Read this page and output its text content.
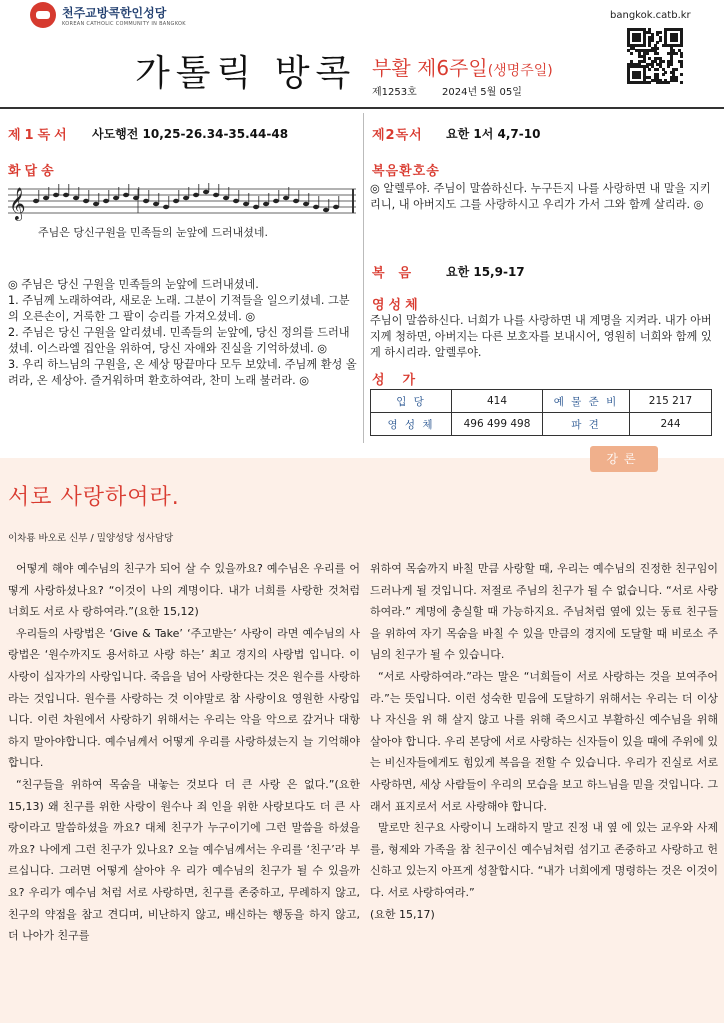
천주교방콕한인성당
KOREAN CATHOLIC COMMUNITY IN BANGKOK
bangkok.catb.kr
가톨릭 방콕 부활 제6주일(생명주일)
제1253호	2024년 5월 05일
제1독서 사도행전 10,25-26.34-35.44-48
화답송
𝄞
주님은 당신구원을 민족들의 눈앞에 드러내셨네.

◎ 주님은 당신 구원을 민족들의 눈앞에 드러내셨네.

1. 주님께 노래하여라, 새로운 노래. 그분이 기적들을 일으키셨네. 그분의 오른손이, 거룩한 그 팔이 승리를 가져오셨네. ◎

2. 주님은 당신 구원을 알리셨네. 민족들의 눈앞에, 당신 정의를 드러내셨네. 이스라엘 집안을 위하여, 당신 자애와 진실을 기억하셨네. ◎

3. 우리 하느님의 구원을, 온 세상 땅끝마다 모두 보았네. 주님께 환성 올려라, 온 세상아. 즐거워하며 환호하여라, 찬미 노래 불러라. ◎

제2독서 요한 1서 4,7-10
복음환호송
◎ 알렐루야. 주님이 말씀하신다. 누구든지 나를 사랑하면 내 말을 지키리니, 내 아버지도 그를 사랑하시고 우리가 가서 그와 함께 살리라. ◎
복음 요한 15,9-17
영성체
주님이 말씀하신다. 너희가 나를 사랑하면 내 계명을 지켜라. 내가 아버지께 청하면, 아버지는 다른 보호자를 보내시어, 영원히 너희와 함께 있게 하시리라. 알렐루야.
성가
입 당	414	예 물 준 비	215 217
영 성 체	496 499 498	파 견	244
강론
서로 사랑하여라.
이차룡 바오로 신부 / 밀양성당 성사담당

어떻게 해야 예수님의 친구가 되어 살 수 있을까요? 예수님은 우리를 어떻게 사랑하셨나요? “이것이 나의 계명이다. 내가 너희를 사랑한 것처럼 너희도 서로 사 랑하여라.”(요한 15,12)

우리들의 사랑법은 ‘Give & Take’ ‘주고받는’ 사랑이 라면 예수님의 사랑법은 ‘원수까지도 용서하고 사랑 하는’ 최고 경지의 사랑법 입니다. 이 사랑이 십자가의 사랑입니다. 죽음을 넘어 사랑한다는 것은 원수를 사랑하라는 것입니다. 원수를 사랑하는 것 이야말로 참 사랑이요 영원한 사랑입니다. 이런 차원에서 사랑하기 위해서는 우리는 악을 악으로 갚거나 대항하지 말아야합니다. 예수님께서 어떻게 우리를 사랑하셨는지 늘 기억해야 합니다.

“친구들을 위하여 목숨을 내놓는 것보다 더 큰 사랑 은 없다.”(요한 15,13) 왜 친구를 위한 사랑이 원수나 죄 인을 위한 사랑보다도 더 큰 사랑이라고 말씀하셨을 까요? 대체 친구가 누구이기에 그런 말씀을 하셨을까요? 나에게 그런 친구가 있나요? 오늘 예수님께서는 우리를 ‘친구’라 부르십니다. 그러면 어떻게 살아야 우 리가 예수님의 친구가 될 수 있을까요? 우리가 예수님 처럼 서로 사랑하면, 친구를 존중하고, 무례하지 않고, 친구의 약점을 참고 견디며, 비난하지 않고, 배신하는 행동을 하지 않고, 더 나아가 친구를

위하여 목숨까지 바칠 만큼 사랑할 때, 우리는 예수님의 진정한 친구임이 드러나게 될 것입니다. 저절로 주님의 친구가 될 수 없습니다. “서로 사랑하여라.” 계명에 충실할 때 가능하지요. 주님처럼 옆에 있는 동료 친구들을 위하여 자기 목숨을 바칠 수 있을 만큼의 경지에 도달할 때 비로소 주님의 친구가 될 수 있습니다.

“서로 사랑하여라.”라는 말은 “너희들이 서로 사랑하는 것을 보여주어라.”는 뜻입니다. 이런 성숙한 믿음에 도달하기 위해서는 우리는 더 이상 나 자신을 위 해 살지 않고 나를 위해 죽으시고 부활하신 예수님을 위해 살아야 합니다. 우리 본당에 서로 사랑하는 신자들이 있을 때에 주위에 있는 비신자들에게도 힘있게 복음을 전할 수 있습니다. 우리가 진실로 서로 사랑하면, 세상 사람들이 우리의 모습을 보고 하느님을 믿을 것입니다. 그래서 표지로서 서로 사랑해야 합니다.

말로만 친구요 사랑이니 노래하지 말고 진정 내 옆 에 있는 교우와 사제를, 형제와 가족을 참 친구이신 예수님처럼 섬기고 존중하고 사랑하고 헌신하고 있는지 아프게 성찰합시다. “내가 너희에게 명령하는 것은 이것이다. 서로 사랑하여라.”

(요한 15,17)
